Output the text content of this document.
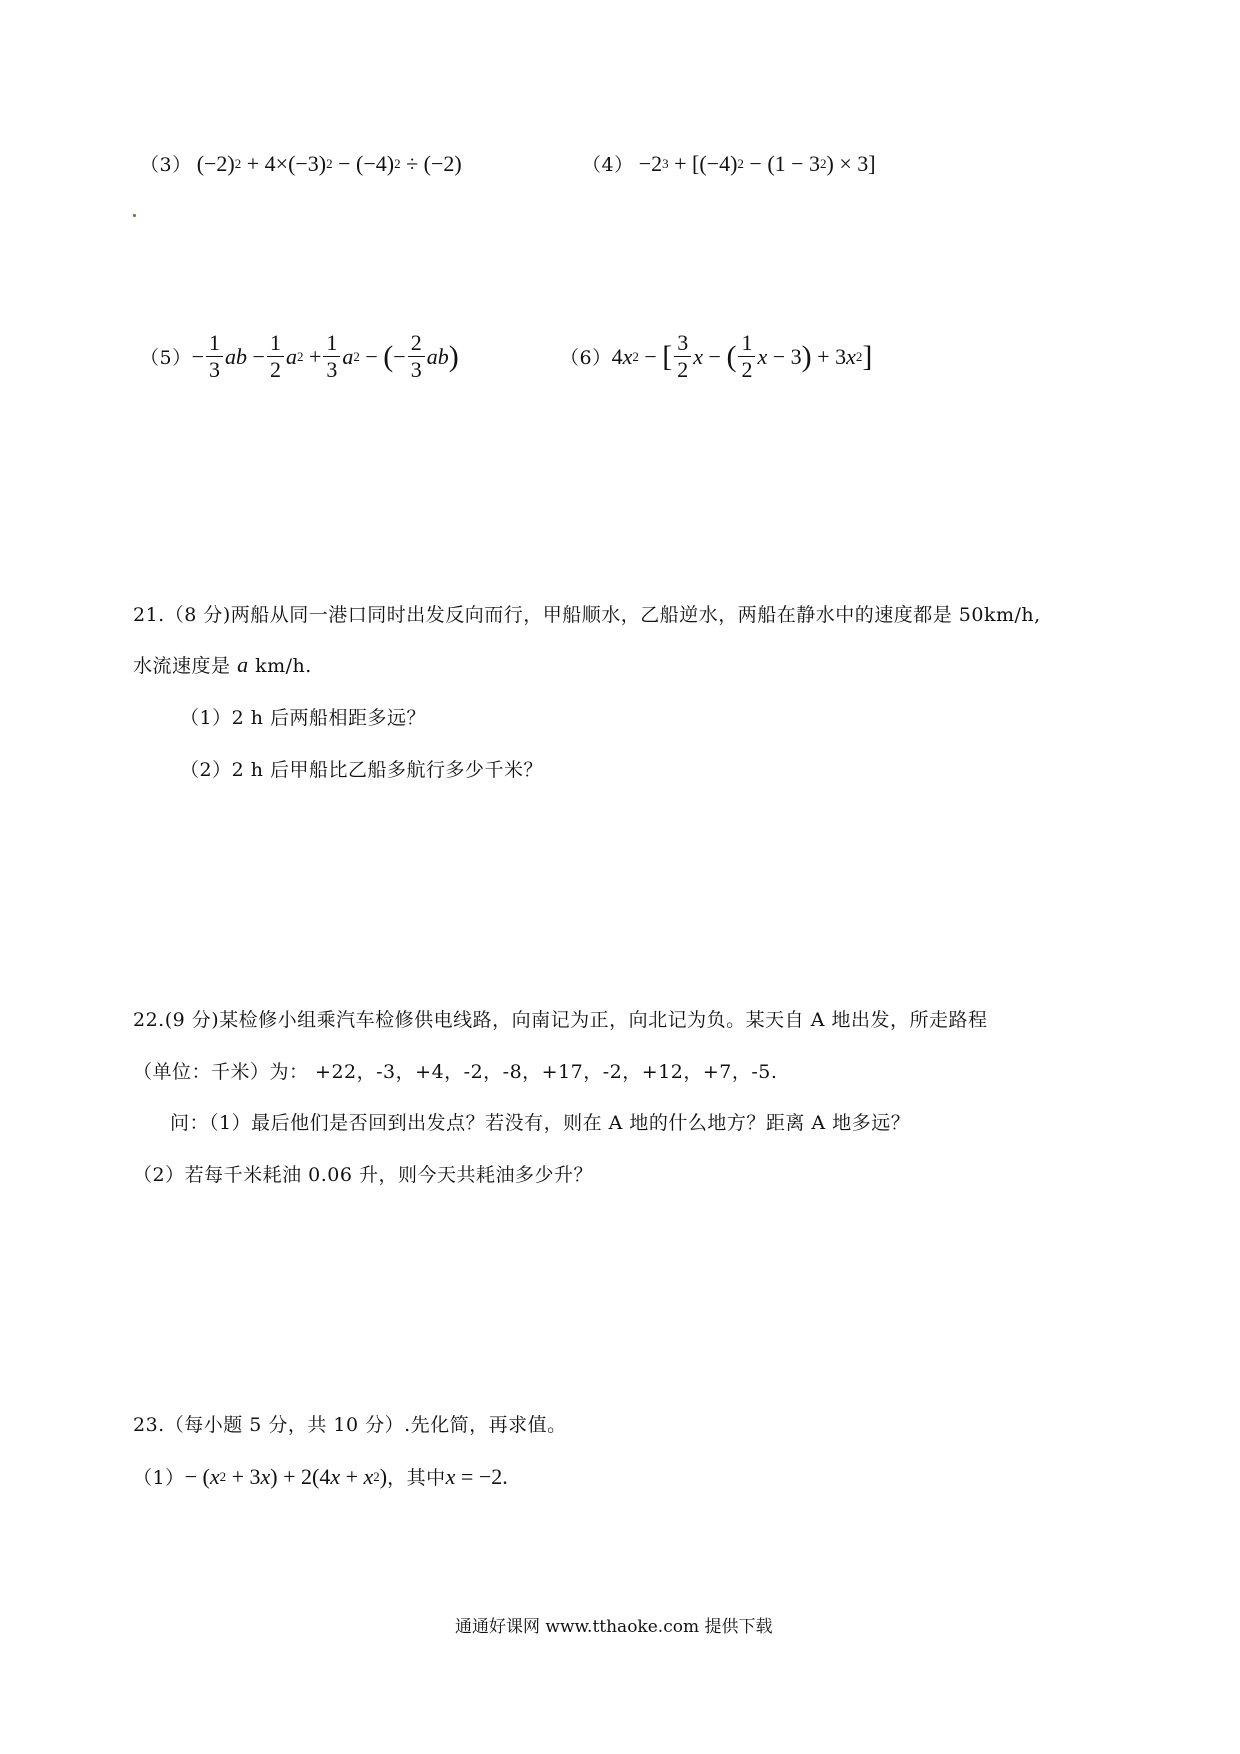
（3） (−2) 2 + 4×(−3) 2 − (−4) 2 ÷ (−2)	（4） −2 3 + [(−4) 2 − (1 − 3 2 ) × 3]
$(5) - \frac{1}{3}$ ab − $\frac{1}{2}$ a $2 + \frac{1}{3}$ a 2 − ( − $\frac{2}{3}$ ab )	（6） 4 x 2 − [ $\frac{3}{2}$ x − ( $\frac{1}{2}$ x − 3 ) + 3 x 2 ]
21.（8 分)两船从同一港口同时出发反向而行，甲船顺水，乙船逆水，两船在静水中的速度都是 50km/h,
水流速度是 a km/h.
（1）2 h 后两船相距多远？
（2）2 h 后甲船比乙船多航行多少千米？
22.(9 分)某检修小组乘汽车检修供电线路，向南记为正，向北记为负。某天自 A 地出发，所走路程
（单位：千米）为： +22，-3，+4，-2，-8，+17，-2，+12，+7，-5.
问：（1）最后他们是否回到出发点？若没有，则在 A 地的什么地方？距离 A 地多远？
（2）若每千米耗油 0.06 升，则今天共耗油多少升？
23.（每小题 5 分，共 10 分）.先化简，再求值。
（1） − ( x 2 + 3 x ) + 2(4 x + x 2 ) ，其中 x = −2.
通通好课网 www.tthaoke.com 提供下载
